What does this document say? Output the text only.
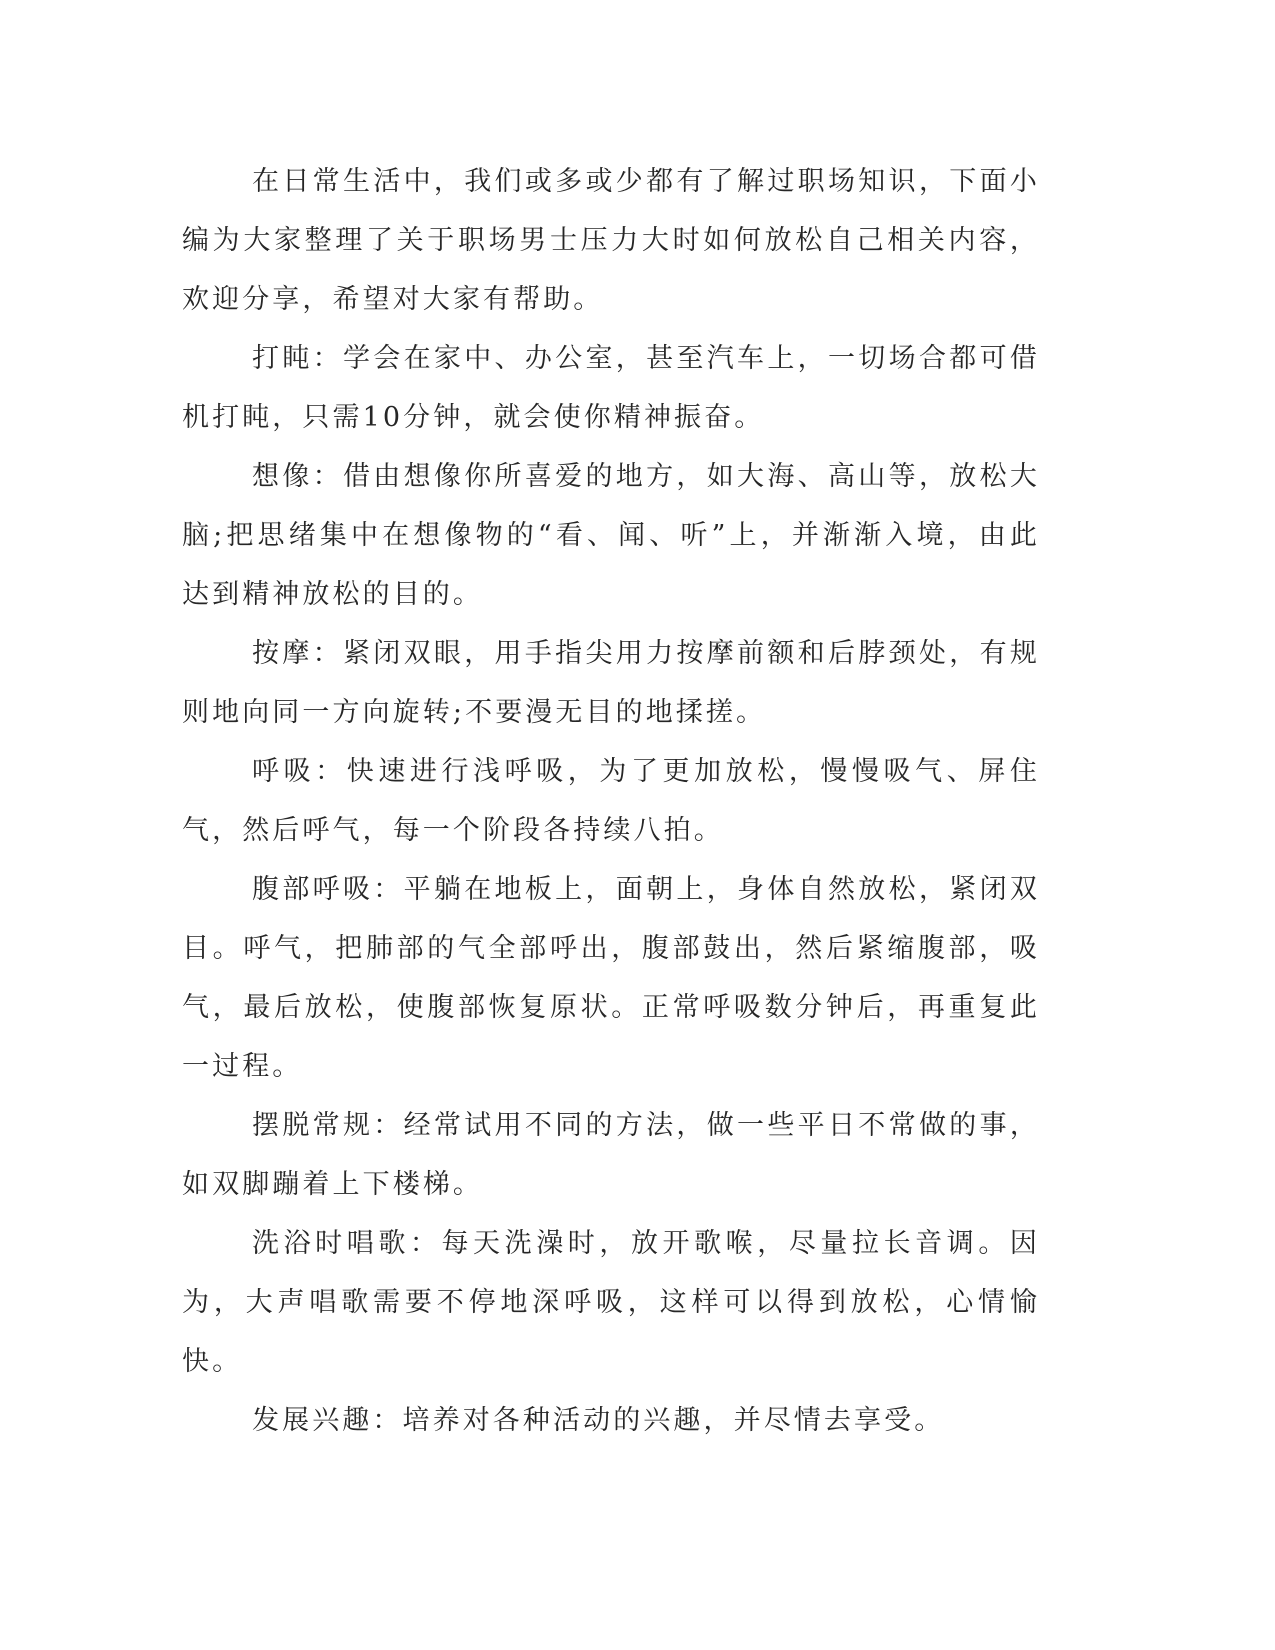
在日常生活中，我们或多或少都有了解过职场知识，下面小编为大家整理了关于职场男士压力大时如何放松自己相关内容，欢迎分享，希望对大家有帮助。

打盹：学会在家中、办公室，甚至汽车上，一切场合都可借机打盹，只需10分钟，就会使你精神振奋。

想像：借由想像你所喜爱的地方，如大海、高山等，放松大脑;把思绪集中在想像物的“看、闻、听”上，并渐渐入境，由此达到精神放松的目的。

按摩：紧闭双眼，用手指尖用力按摩前额和后脖颈处，有规则地向同一方向旋转;不要漫无目的地揉搓。

呼吸：快速进行浅呼吸，为了更加放松，慢慢吸气、屏住气，然后呼气，每一个阶段各持续八拍。

腹部呼吸：平躺在地板上，面朝上，身体自然放松，紧闭双目。呼气，把肺部的气全部呼出，腹部鼓出，然后紧缩腹部，吸气，最后放松，使腹部恢复原状。正常呼吸数分钟后，再重复此一过程。

摆脱常规：经常试用不同的方法，做一些平日不常做的事，如双脚蹦着上下楼梯。

洗浴时唱歌：每天洗澡时，放开歌喉，尽量拉长音调。因为，大声唱歌需要不停地深呼吸，这样可以得到放松，心情愉快。

发展兴趣：培养对各种活动的兴趣，并尽情去享受。
